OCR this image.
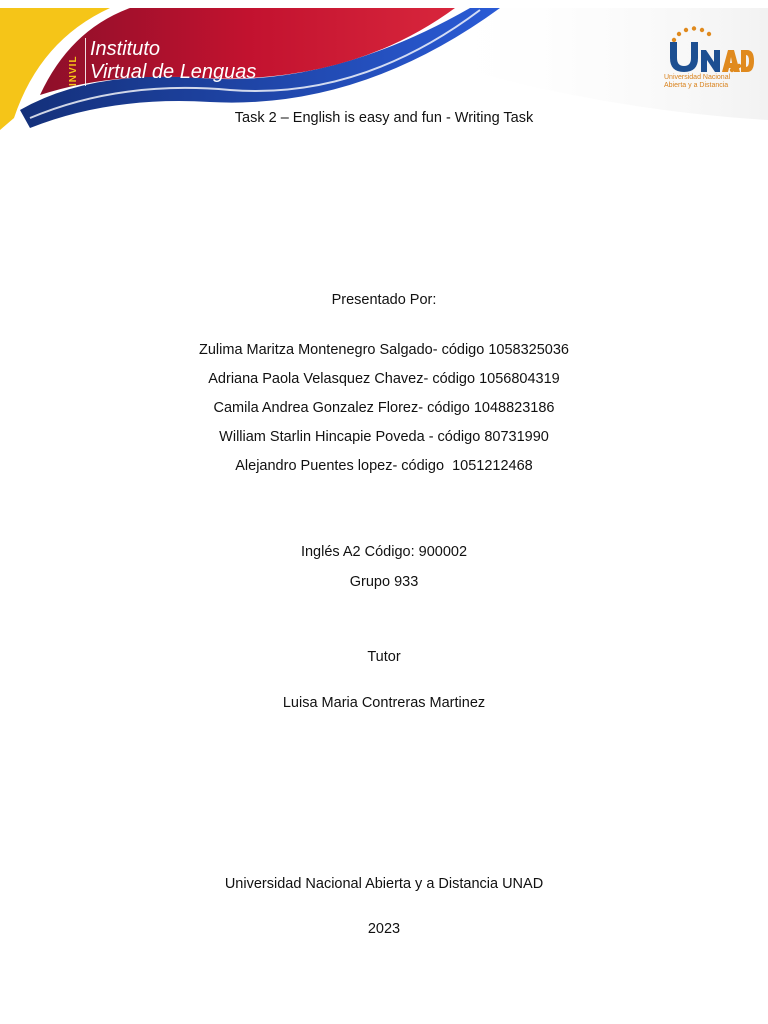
INVIL
Instituto
Virtual de Lenguas	Universidad Nacional
Abierta y a Distancia
Task 2 – English is easy and fun - Writing Task
Presentado Por:
Zulima Maritza Montenegro Salgado- código 1058325036
Adriana Paola Velasquez Chavez- código 1056804319
Camila Andrea Gonzalez Florez- código 1048823186
William Starlin Hincapie Poveda - código 80731990
Alejandro Puentes lopez- código  1051212468
Inglés A2 Código: 900002
Grupo 933
Tutor
Luisa Maria Contreras Martinez
Universidad Nacional Abierta y a Distancia UNAD
2023
